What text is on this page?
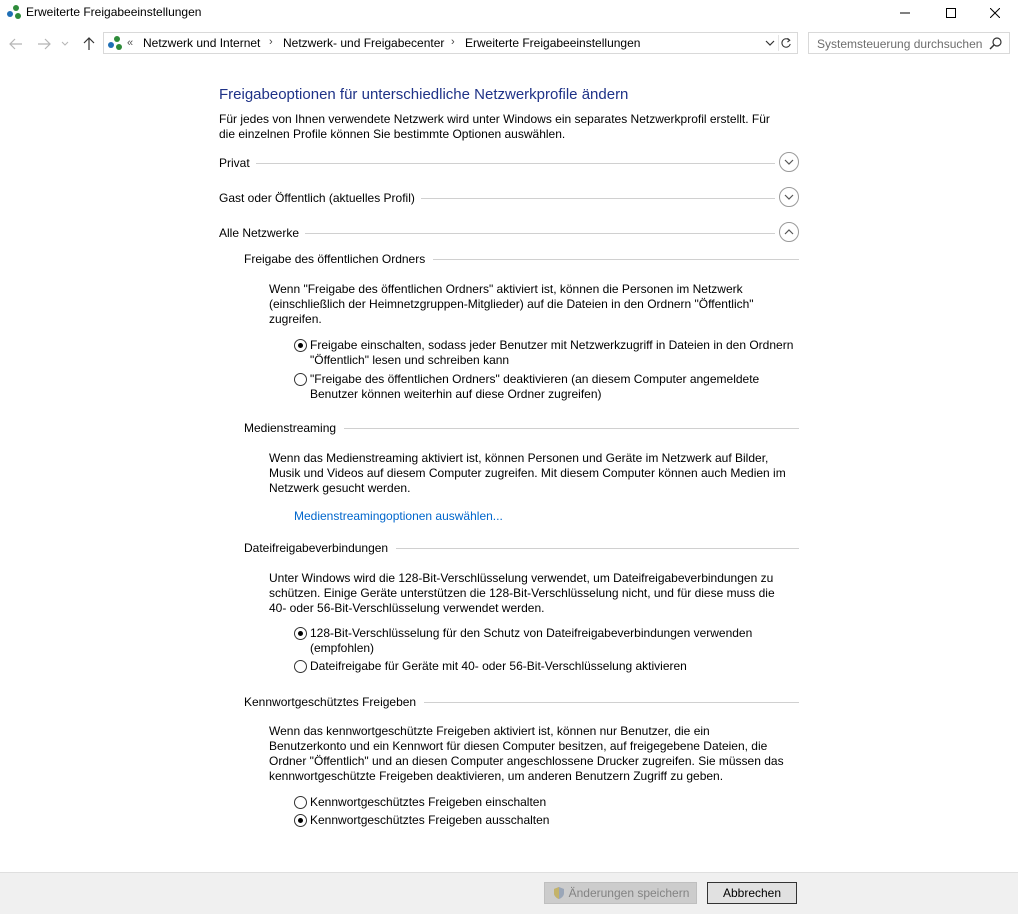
Erweiterte Freigabeeinstellungen
« Netzwerk und Internet › Netzwerk- und Freigabecenter › Erweiterte Freigabeeinstellungen	Systemsteuerung durchsuchen
Freigabeoptionen für unterschiedliche Netzwerkprofile ändern
Für jedes von Ihnen verwendete Netzwerk wird unter Windows ein separates Netzwerkprofil erstellt. Für die einzelnen Profile können Sie bestimmte Optionen auswählen.
Privat
Gast oder Öffentlich (aktuelles Profil)
Alle Netzwerke
Freigabe des öffentlichen Ordners
Wenn "Freigabe des öffentlichen Ordners" aktiviert ist, können die Personen im Netzwerk (einschließlich der Heimnetzgruppen-Mitglieder) auf die Dateien in den Ordnern "Öffentlich" zugreifen.
Freigabe einschalten, sodass jeder Benutzer mit Netzwerkzugriff in Dateien in den Ordnern "Öffentlich" lesen und schreiben kann
"Freigabe des öffentlichen Ordners" deaktivieren (an diesem Computer angemeldete Benutzer können weiterhin auf diese Ordner zugreifen)
Medienstreaming
Wenn das Medienstreaming aktiviert ist, können Personen und Geräte im Netzwerk auf Bilder, Musik und Videos auf diesem Computer zugreifen. Mit diesem Computer können auch Medien im Netzwerk gesucht werden.
Medienstreamingoptionen auswählen...
Dateifreigabeverbindungen
Unter Windows wird die 128-Bit-Verschlüsselung verwendet, um Dateifreigabeverbindungen zu schützen. Einige Geräte unterstützen die 128-Bit-Verschlüsselung nicht, und für diese muss die 40- oder 56-Bit-Verschlüsselung verwendet werden.
128-Bit-Verschlüsselung für den Schutz von Dateifreigabeverbindungen verwenden (empfohlen)
Dateifreigabe für Geräte mit 40- oder 56-Bit-Verschlüsselung aktivieren
Kennwortgeschütztes Freigeben
Wenn das kennwortgeschützte Freigeben aktiviert ist, können nur Benutzer, die ein Benutzerkonto und ein Kennwort für diesen Computer besitzen, auf freigegebene Dateien, die Ordner "Öffentlich" und an diesen Computer angeschlossene Drucker zugreifen. Sie müssen das kennwortgeschützte Freigeben deaktivieren, um anderen Benutzern Zugriff zu geben.
Kennwortgeschütztes Freigeben einschalten
Kennwortgeschütztes Freigeben ausschalten
Änderungen speichern	Abbrechen
